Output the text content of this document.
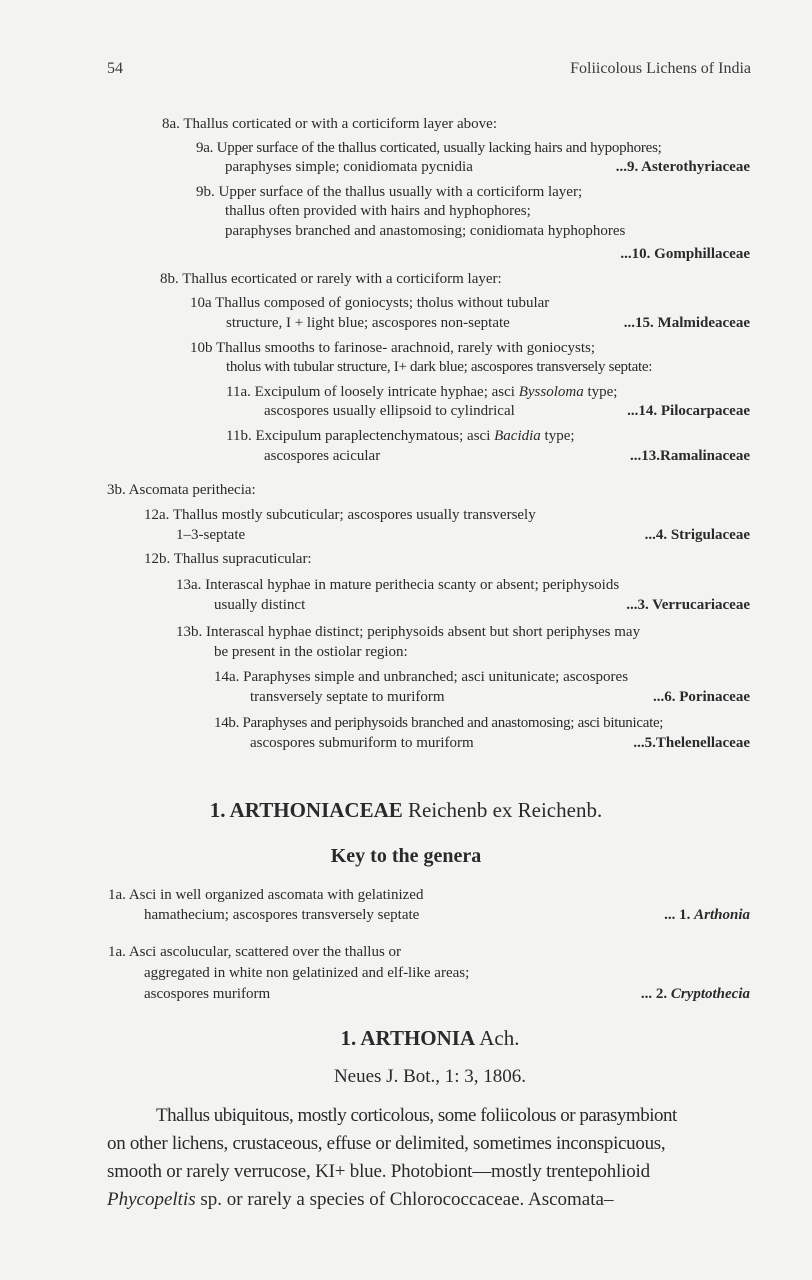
54	Foliicolous Lichens of India
8a. Thallus corticated or with a corticiform layer above:
9a. Upper surface of the thallus corticated, usually lacking hairs and hypophores;
paraphyses simple; conidiomata pycnidia	...9. Asterothyriaceae
9b. Upper surface of the thallus usually with a corticiform layer;
thallus often provided with hairs and hyphophores;
paraphyses branched and anastomosing; conidiomata hyphophores
...10. Gomphillaceae
8b. Thallus ecorticated or rarely with a corticiform layer:
10a Thallus composed of goniocysts; tholus without tubular
structure, I + light blue; ascospores non-septate	...15. Malmideaceae
10b Thallus smooths to farinose- arachnoid, rarely with goniocysts;
tholus with tubular structure, I+ dark blue; ascospores transversely septate:
11a. Excipulum of loosely intricate hyphae; asci Byssoloma type;
ascospores usually ellipsoid to cylindrical	...14. Pilocarpaceae
11b. Excipulum paraplectenchymatous; asci Bacidia type;
ascospores acicular	...13.Ramalinaceae
3b. Ascomata perithecia:
12a. Thallus mostly subcuticular; ascospores usually transversely
1–3-septate	...4. Strigulaceae
12b. Thallus supracuticular:
13a. Interascal hyphae in mature perithecia scanty or absent; periphysoids
usually distinct	...3. Verrucariaceae
13b. Interascal hyphae distinct; periphysoids absent but short periphyses may
be present in the ostiolar region:
14a. Paraphyses simple and unbranched; asci unitunicate; ascospores
transversely septate to muriform	...6. Porinaceae
14b. Paraphyses and periphysoids branched and anastomosing; asci bitunicate;
ascospores submuriform to muriform	...5.Thelenellaceae
1. ARTHONIACEAE Reichenb ex Reichenb.
Key to the genera
1a. Asci in well organized ascomata with gelatinized
hamathecium; ascospores transversely septate	... 1. Arthonia
1a. Asci ascolucular, scattered over the thallus or
aggregated in white non gelatinized and elf-like areas;
ascospores muriform	... 2. Cryptothecia
1. ARTHONIA Ach.
Neues J. Bot., 1: 3, 1806.
Thallus ubiquitous, mostly corticolous, some foliicolous or parasymbiont
on other lichens, crustaceous, effuse or delimited, sometimes inconspicuous,
smooth or rarely verrucose, KI+ blue. Photobiont—mostly trentepohlioid
Phycopeltis sp. or rarely a species of Chlorococcaceae. Ascomata–
